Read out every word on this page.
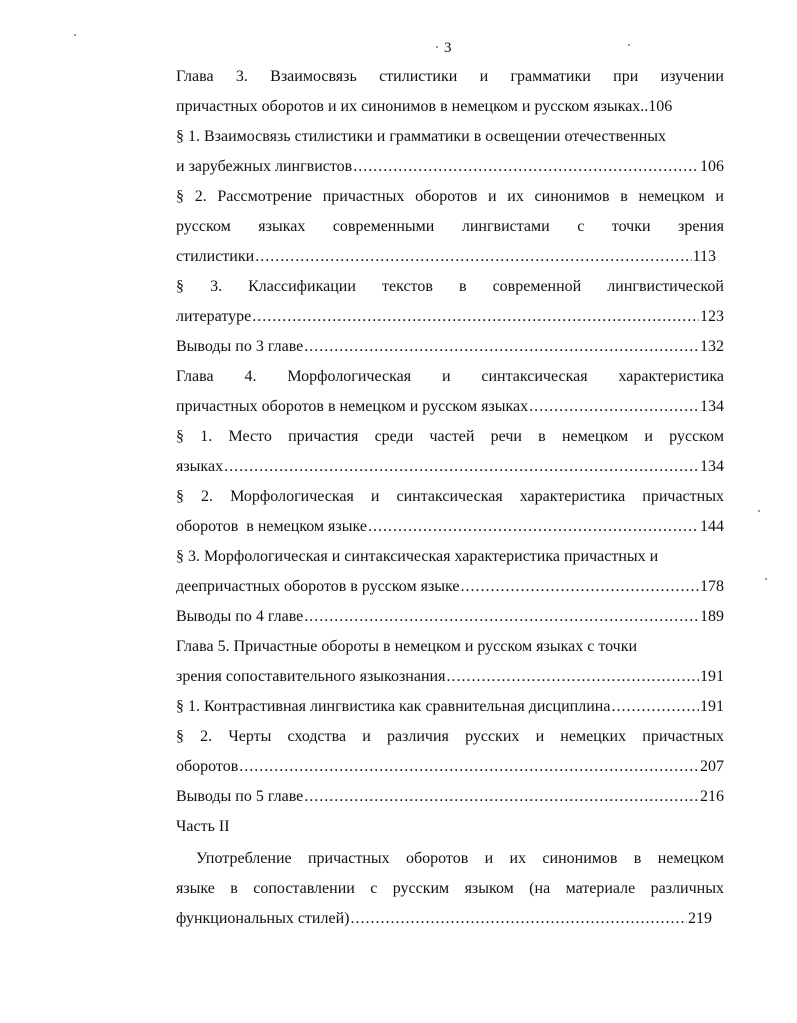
3
Глава 3. Взаимосвязь стилистики и грамматики при изучении
причастных оборотов и их синонимов в немецком и русском языках..106
§ 1. Взаимосвязь стилистики и грамматики в освещении отечественных
и зарубежных лингвистов .....	106
§ 2. Рассмотрение причастных оборотов и их синонимов в немецком и
русском языках современными лингвистами с точки зрения
стилистики .....	113
§ 3. Классификации текстов в современной лингвистической
литературе .....	123
Выводы по 3 главе .....	132
Глава 4. Морфологическая и синтаксическая характеристика
причастных оборотов в немецком и русском языках .....	134
§ 1. Место причастия среди частей речи в немецком и русском
языках .....	134
§ 2. Морфологическая и синтаксическая характеристика причастных
оборотов  в немецком языке .....	144
§ 3. Морфологическая и синтаксическая характеристика причастных и
деепричастных оборотов в русском языке .....	178
Выводы по 4 главе .....	189
Глава 5. Причастные обороты в немецком и русском языках с точки
зрения сопоставительного языкознания .....	191
§ 1. Контрастивная лингвистика как сравнительная дисциплина .....	191
§ 2. Черты сходства и различия русских и немецких причастных
оборотов .....	207
Выводы по 5 главе .....	216
Часть II
Употребление причастных оборотов и их синонимов в немецком
языке в сопоставлении с русским языком (на материале различных
функциональных стилей) .....	219
